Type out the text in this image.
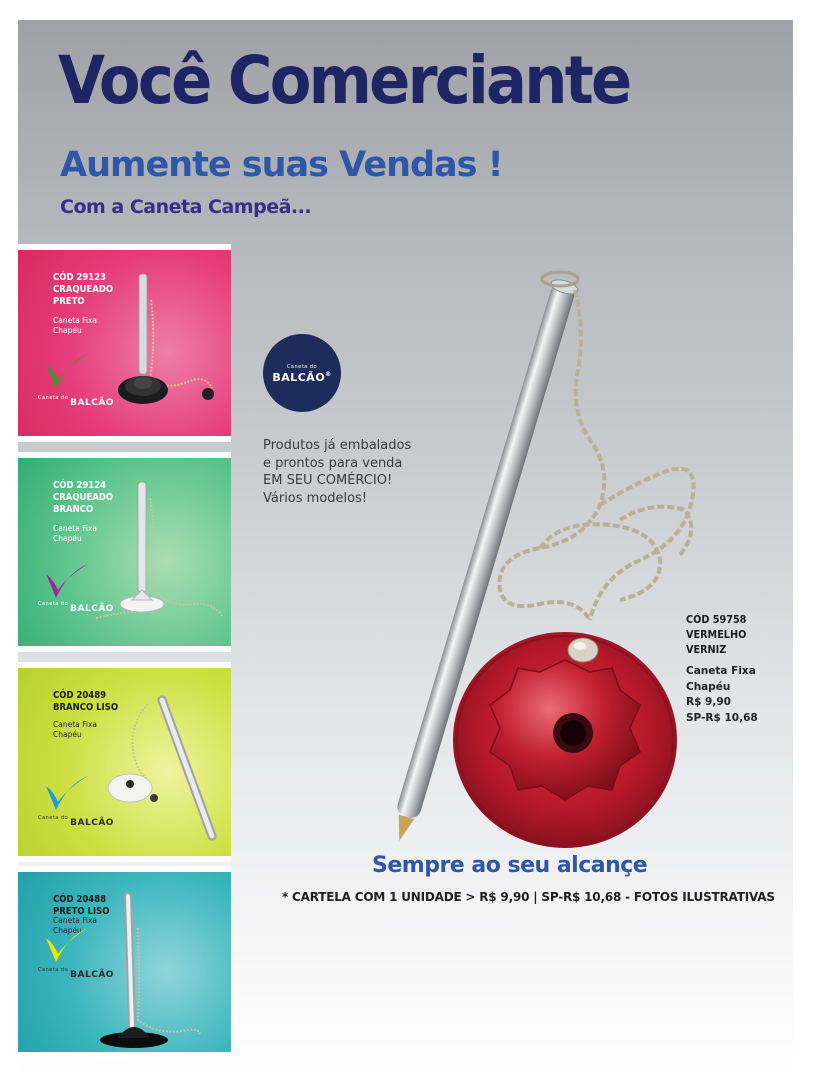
Você Comerciante
Aumente suas Vendas !

Com a Caneta Campeã...

CÓD 29123
CRAQUEADO
PRETO

Caneta Fixa
Chapéu

$^{Caneta do}$ BALCÃO

CÓD 29124
CRAQUEADO
BRANCO

Caneta Fixa
Chapéu

$^{Caneta do}$ BALCÃO

CÓD 20489
BRANCO LISO

Caneta Fixa
Chapéu

$^{Caneta do}$ BALCÃO

CÓD 20488
PRETO LISO

Caneta Fixa
Chapéu

$^{Caneta do}$ BALCÃO
Caneta do
BALCÃO®

Produtos já embalados
e prontos para venda
EM SEU COMÉRCIO!
Vários modelos!

CÓD 59758
VERMELHO
VERNIZ

Caneta Fixa
Chapéu
R$ 9,90
SP-R$ 10,68

Sempre ao seu alcançe

* CARTELA COM 1 UNIDADE > R$ 9,90 | SP-R$ 10,68 - FOTOS ILUSTRATIVAS
